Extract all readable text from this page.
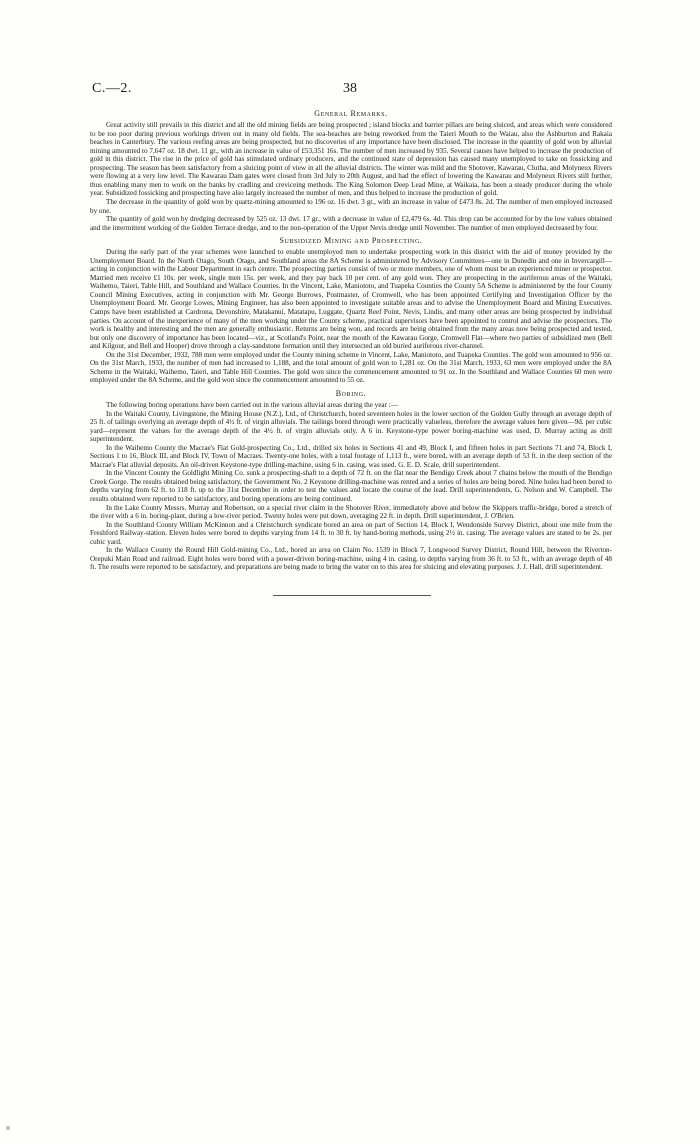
C.—2.	38
General Remarks.

Great activity still prevails in this district and all the old mining fields are being prospected ; island blocks and barrier pillars are being sluiced, and areas which were considered to be too poor during previous workings driven out in many old fields. The sea-beaches are being reworked from the Taieri Mouth to the Waiau, also the Ashburton and Rakaia beaches in Canterbury. The various reefing areas are being prospected, but no discoveries of any importance have been disclosed. The increase in the quantity of gold won by alluvial mining amounted to 7,647 oz. 18 dwt. 11 gr., with an increase in value of £53,351 16s. The number of men increased by 935. Several causes have helped to increase the production of gold in this district. The rise in the price of gold has stimulated ordinary producers, and the continued state of depression has caused many unemployed to take on fossicking and prospecting. The season has been satisfactory from a sluicing point of view in all the alluvial districts. The winter was mild and the Shotover, Kawarau, Clutha, and Molyneux Rivers were flowing at a very low level. The Kawarau Dam gates were closed from 3rd July to 20th August, and had the effect of lowering the Kawarau and Molyneux Rivers still further, thus enabling many men to work on the banks by cradling and creviceing methods. The King Solomon Deep Lead Mine, at Waikaia, has been a steady producer during the whole year. Subsidized fossicking and prospecting have also largely increased the number of men, and thus helped to increase the production of gold.

The decrease in the quantity of gold won by quartz-mining amounted to 196 oz. 16 dwt. 3 gr., with an increase in value of £473 8s. 2d. The number of men employed increased by one.

The quantity of gold won by dredging decreased by 525 oz. 13 dwt. 17 gr., with a decrease in value of £2,479 6s. 4d. This drop can be accounted for by the low values obtained and the intermittent working of the Golden Terrace dredge, and to the non-operation of the Upper Nevis dredge until November. The number of men employed decreased by four.

Subsidized Mining and Prospecting.

During the early part of the year schemes were launched to enable unemployed men to undertake prospecting work in this district with the aid of money provided by the Unemployment Board. In the North Otago, South Otago, and Southland areas the 8A Scheme is administered by Advisory Committees—one in Dunedin and one in Invercargill—acting in conjunction with the Labour Department in each centre. The prospecting parties consist of two or more members, one of whom must be an experienced miner or prospector. Married men receive £1 10s. per week, single men 15s. per week, and they pay back 10 per cent. of any gold won. They are prospecting in the auriferous areas of the Waitaki, Waihemo, Taieri, Table Hill, and Southland and Wallace Counties. In the Vincent, Lake, Maniototo, and Tuapeka Counties the County 5A Scheme is administered by the four County Council Mining Executives, acting in conjunction with Mr. George Burrows, Postmaster, of Cromwell, who has been appointed Certifying and Investigation Officer by the Unemployment Board. Mr. George Lowes, Mining Engineer, has also been appointed to investigate suitable areas and to advise the Unemployment Board and Mining Executives. Camps have been established at Cardrona, Devonshire, Matakanui, Matatapu, Luggate, Quartz Reef Point, Nevis, Lindis, and many other areas are being prospected by individual parties. On account of the inexperience of many of the men working under the County scheme, practical supervisors have been appointed to control and advise the prospectors. The work is healthy and interesting and the men are generally enthusiastic. Returns are being won, and records are being obtained from the many areas now being prospected and tested, but only one discovery of importance has been located—viz., at Scotland's Point, near the mouth of the Kawarau Gorge, Cromwell Flat—where two parties of subsidized men (Bell and Kilgour, and Bell and Hooper) drove through a clay-sandstone formation until they intersected an old buried auriferous river-channel.

On the 31st December, 1932, 788 men were employed under the County mining scheme in Vincent, Lake, Maniototo, and Tuapeka Counties. The gold won amounted to 956 oz. On the 31st March, 1933, the number of men had increased to 1,188, and the total amount of gold won to 1,281 oz. On the 31st March, 1933, 63 men were employed under the 8A Scheme in the Waitaki, Waihemo, Taieri, and Table Hill Counties. The gold won since the commencement amounted to 91 oz. In the Southland and Wallace Counties 60 men were employed under the 8A Scheme, and the gold won since the commencement amounted to 55 oz.

Boring.

The following boring operations have been carried out in the various alluvial areas during the year :—

In the Waitaki County, Livingstone, the Mining House (N.Z.), Ltd., of Christchurch, bored seventeen holes in the lower section of the Golden Gully through an average depth of 25 ft. of tailings overlying an average depth of 4½ ft. of virgin alluvials. The tailings bored through were practically valueless, therefore the average values here given—9d. per cubic yard—represent the values for the average depth of the 4½ ft. of virgin alluvials only. A 6 in. Keystone-type power boring-machine was used, D. Murray acting as drill superintendent.

In the Waihemo County the Macrae's Flat Gold-prospecting Co., Ltd., drilled six holes in Sections 41 and 49, Block I, and fifteen holes in part Sections 71 and 74, Block I, Sections 1 to 16, Block III, and Block IV, Town of Macraes. Twenty-one holes, with a total footage of 1,113 ft., were bored, with an average depth of 53 ft. in the deep section of the Macrae's Flat alluvial deposits. An oil-driven Keystone-type drilling-machine, using 6 in. casing, was used. G. E. D. Scale, drill superintendent.

In the Vincent County the Goldlight Mining Co. sunk a prospecting-shaft to a depth of 72 ft. on the flat near the Bendigo Creek about 7 chains below the mouth of the Bendigo Creek Gorge. The results obtained being satisfactory, the Government No. 2 Keystone drilling-machine was rented and a series of holes are being bored. Nine holes had been bored to depths varying from 62 ft. to 118 ft. up to the 31st December in order to test the values and locate the course of the lead. Drill superintendents, G. Nelson and W. Campbell. The results obtained were reported to be satisfactory, and boring operations are being continued.

In the Lake County Messrs. Murray and Robertson, on a special river claim in the Shotover River, immediately above and below the Skippers traffic-bridge, bored a stretch of the river with a 6 in. boring-plant, during a low-river period. Twenty holes were put down, averaging 22 ft. in depth. Drill superintendent, J. O'Brien.

In the Southland County William McKinnon and a Christchurch syndicate bored an area on part of Section 14, Block I, Wendonside Survey District, about one mile from the Freshford Railway-station. Eleven holes were bored to depths varying from 14 ft. to 30 ft. by hand-boring methods, using 2½ in. casing. The average values are stated to be 2s. per cubic yard.

In the Wallace County the Round Hill Gold-mining Co., Ltd., bored an area on Claim No. 1539 in Block 7, Longwood Survey District, Round Hill, between the Riverton-Orepuki Main Road and railroad. Eight holes were bored with a power-driven boring-machine, using 4 in. casing, to depths varying from 36 ft. to 53 ft., with an average depth of 48 ft. The results were reported to be satisfactory, and preparations are being made to bring the water on to this area for sluicing and elevating purposes. J. J. Hall, drill superintendent.
